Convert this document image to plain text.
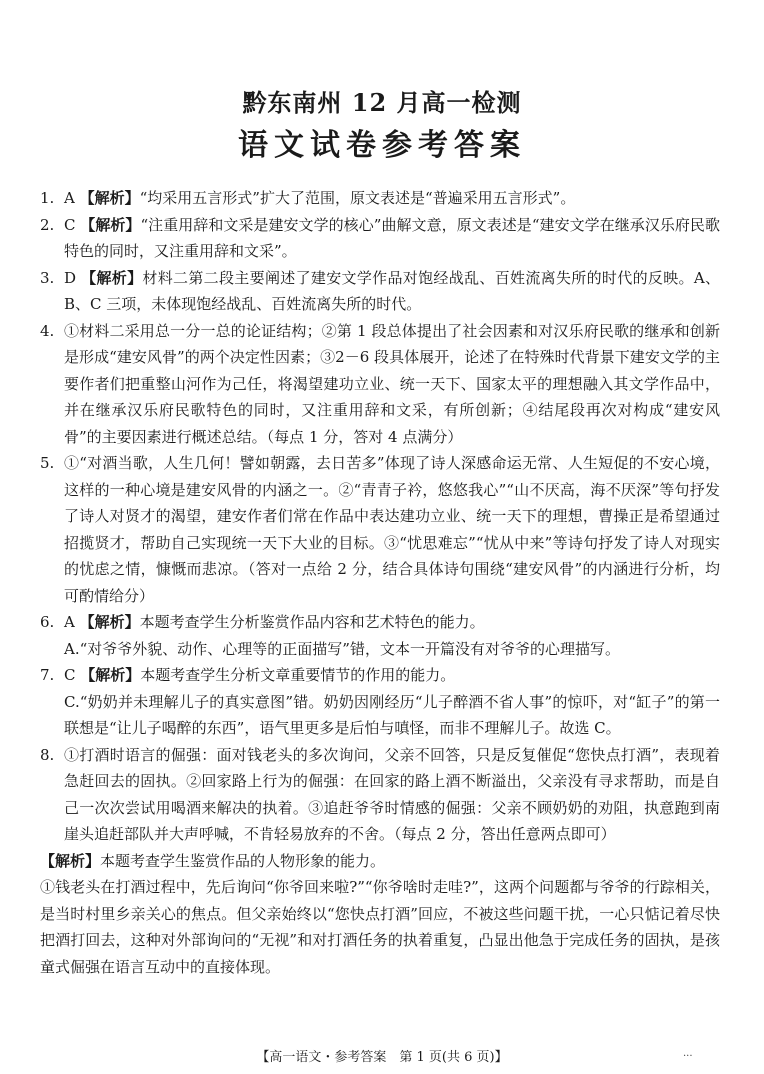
黔东南州 12 月高一检测
语文试卷参考答案
1. A 【解析】“均采用五言形式”扩大了范围，原文表述是“普遍采用五言形式”。
2. C 【解析】“注重用辞和文采是建安文学的核心”曲解文意，原文表述是“建安文学在继承汉乐府民歌特色的同时，又注重用辞和文采”。
3. D 【解析】材料二第二段主要阐述了建安文学作品对饱经战乱、百姓流离失所的时代的反映。A、B、C 三项，未体现饱经战乱、百姓流离失所的时代。
4. ①材料二采用总一分一总的论证结构；②第 1 段总体提出了社会因素和对汉乐府民歌的继承和创新是形成“建安风骨”的两个决定性因素；③2－6 段具体展开，论述了在特殊时代背景下建安文学的主要作者们把重整山河作为己任，将渴望建功立业、统一天下、国家太平的理想融入其文学作品中，并在继承汉乐府民歌特色的同时，又注重用辞和文采，有所创新；④结尾段再次对构成“建安风骨”的主要因素进行概述总结。（每点 1 分，答对 4 点满分）
5. ①“对酒当歌，人生几何！譬如朝露，去日苦多”体现了诗人深感命运无常、人生短促的不安心境，这样的一种心境是建安风骨的内涵之一。②“青青子衿，悠悠我心”“山不厌高，海不厌深”等句抒发了诗人对贤才的渴望，建安作者们常在作品中表达建功立业、统一天下的理想，曹操正是希望通过招揽贤才，帮助自己实现统一天下大业的目标。③“忧思难忘”“忧从中来”等诗句抒发了诗人对现实的忧虑之情，慷慨而悲凉。（答对一点给 2 分，结合具体诗句围绕“建安风骨”的内涵进行分析，均可酌情给分）
6. A 【解析】本题考查学生分析鉴赏作品内容和艺术特色的能力。
A.“对爷爷外貌、动作、心理等的正面描写”错，文本一开篇没有对爷爷的心理描写。
7. C 【解析】本题考查学生分析文章重要情节的作用的能力。
C.“奶奶并未理解儿子的真实意图”错。奶奶因刚经历“儿子醉酒不省人事”的惊吓，对“缸子”的第一联想是“让儿子喝醉的东西”，语气里更多是后怕与嗔怪，而非不理解儿子。故选 C。
8. ①打酒时语言的倔强：面对钱老头的多次询问，父亲不回答，只是反复催促“您快点打酒”，表现着急赶回去的固执。②回家路上行为的倔强：在回家的路上酒不断溢出，父亲没有寻求帮助，而是自己一次次尝试用喝酒来解决的执着。③追赶爷爷时情感的倔强：父亲不顾奶奶的劝阻，执意跑到南崖头追赶部队并大声呼喊，不肯轻易放弃的不舍。（每点 2 分，答出任意两点即可）
【解析】本题考查学生鉴赏作品的人物形象的能力。
①钱老头在打酒过程中，先后询问“你爷回来啦?”“你爷啥时走哇?”，这两个问题都与爷爷的行踪相关，是当时村里乡亲关心的焦点。但父亲始终以“您快点打酒”回应，不被这些问题干扰，一心只惦记着尽快把酒打回去，这种对外部询问的“无视”和对打酒任务的执着重复，凸显出他急于完成任务的固执，是孩童式倔强在语言互动中的直接体现。
【高一语文・参考答案　第 1 页(共 6 页)】	...
